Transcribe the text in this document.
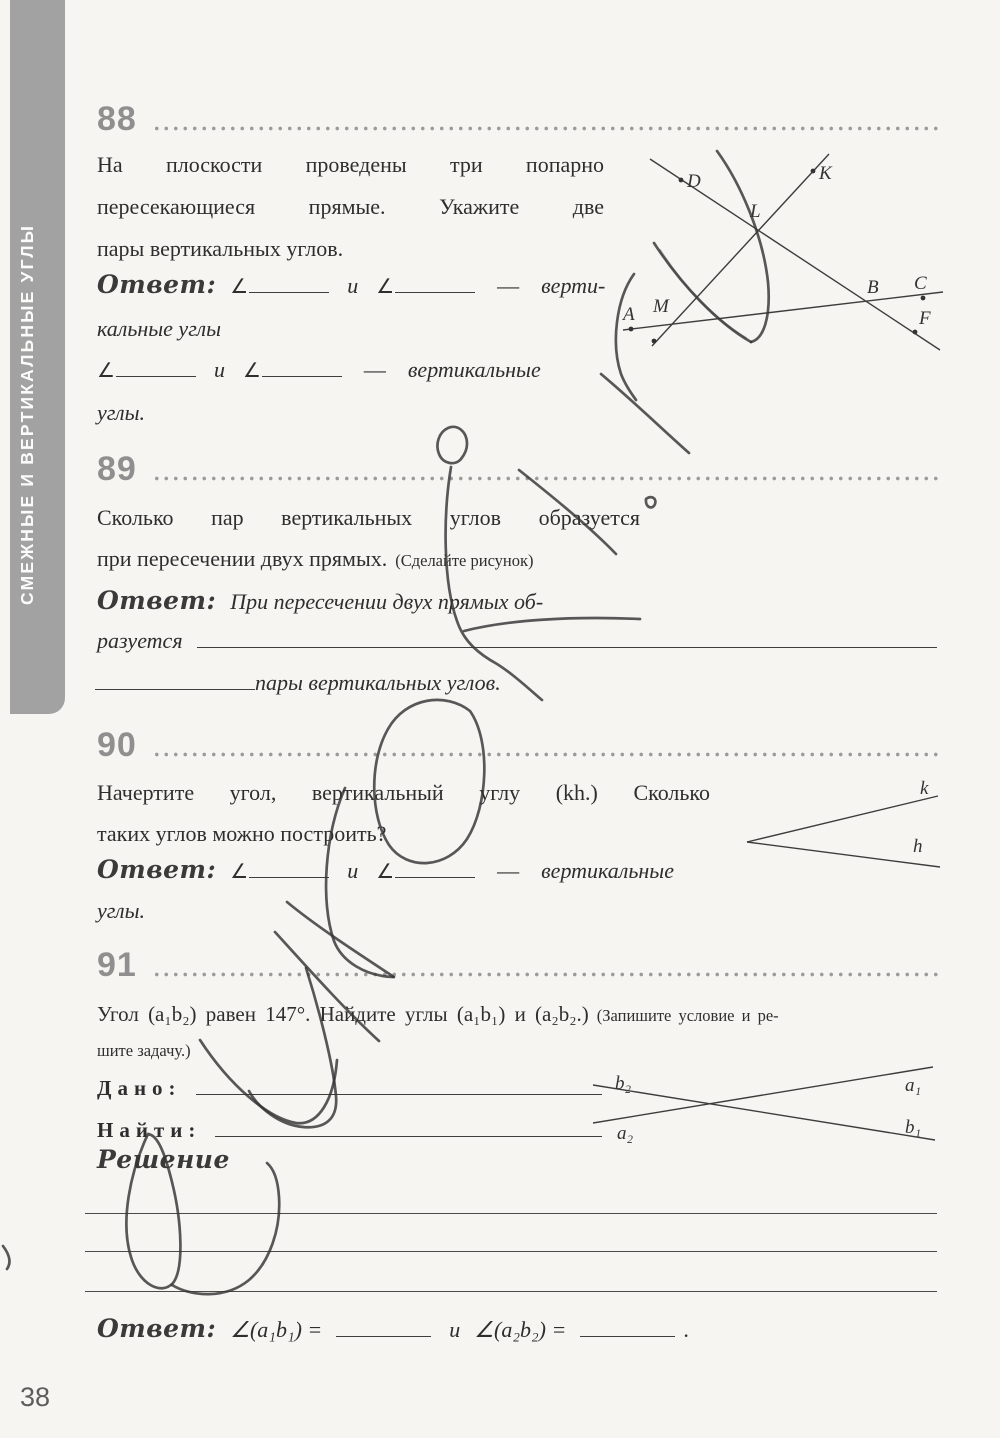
СМЕЖНЫЕ И ВЕРТИКАЛЬНЫЕ УГЛЫ
38
88
На плоскости проведены три попарно
пересекающиеся прямые. Укажите две
пары вертикальных углов.
Ответ: ∠	и ∠	— верти-
кальные углы
∠	и ∠	— вертикальные
углы.
D	K
L
B C
A M
F
89
Сколько пар вертикальных углов образуется
при пересечении двух прямых. (Сделайте рисунок)
Ответ: При пересечении двух прямых об-
разуется
пары вертикальных углов.
90
Начертите угол, вертикальный углу (kh.) Сколько
таких углов можно построить?
Ответ: ∠	и ∠	— вертикальные
углы.
k
h
91
Угол (a₁b₂) равен 147°. Найдите углы (a₁b₁) и (a₂b₂.) (Запишите условие и ре-
шите задачу.)
Дано:
Найти:
Решение
b₂	a₁
a₂	b₁
Ответ: ∠(a₁b₁) =	и ∠(a₂b₂) =	.
